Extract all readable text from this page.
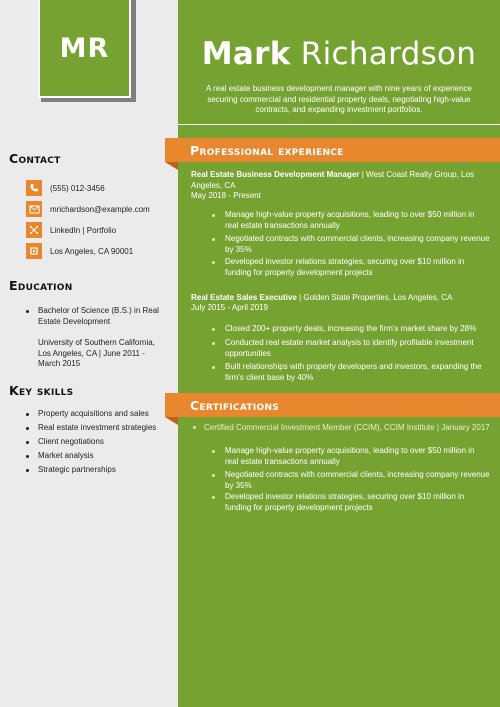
MR	Mark Richardson
A real estate business development manager with nine years of experience securing commercial and residential property deals, negotiating high-value contracts, and expanding investment portfolios.
Contact
(555) 012-3456
mrichardson@example.com
LinkedIn | Portfolio
Los Angeles, CA 90001
Education
Bachelor of Science (B.S.) in Real Estate Development
University of Southern California, Los Angeles, CA | June 2011 - March 2015
Key skills
Property acquisitions and sales
Real estate investment strategies
Client negotiations
Market analysis
Strategic partnerships
Professional experience
Real Estate Business Development Manager | West Coast Realty Group, Los Angeles, CA
May 2018 - Present
Manage high-value property acquisitions, leading to over $50 million in real estate transactions annually
Negotiated contracts with commercial clients, increasing company revenue by 35%
Developed investor relations strategies, securing over $10 million in funding for property development projects
Real Estate Sales Executive | Golden State Properties, Los Angeles, CA
July 2015 - April 2019
Closed 200+ property deals, increasing the firm's market share by 28%
Conducted real estate market analysis to identify profitable investment opportunities
Built relationships with property developers and investors, expanding the firm's client base by 40%
Certifications
Certified Commercial Investment Member (CCIM), CCIM Institute | January 2017
Manage high-value property acquisitions, leading to over $50 million in real estate transactions annually
Negotiated contracts with commercial clients, increasing company revenue by 35%
Developed investor relations strategies, securing over $10 million in funding for property development projects
